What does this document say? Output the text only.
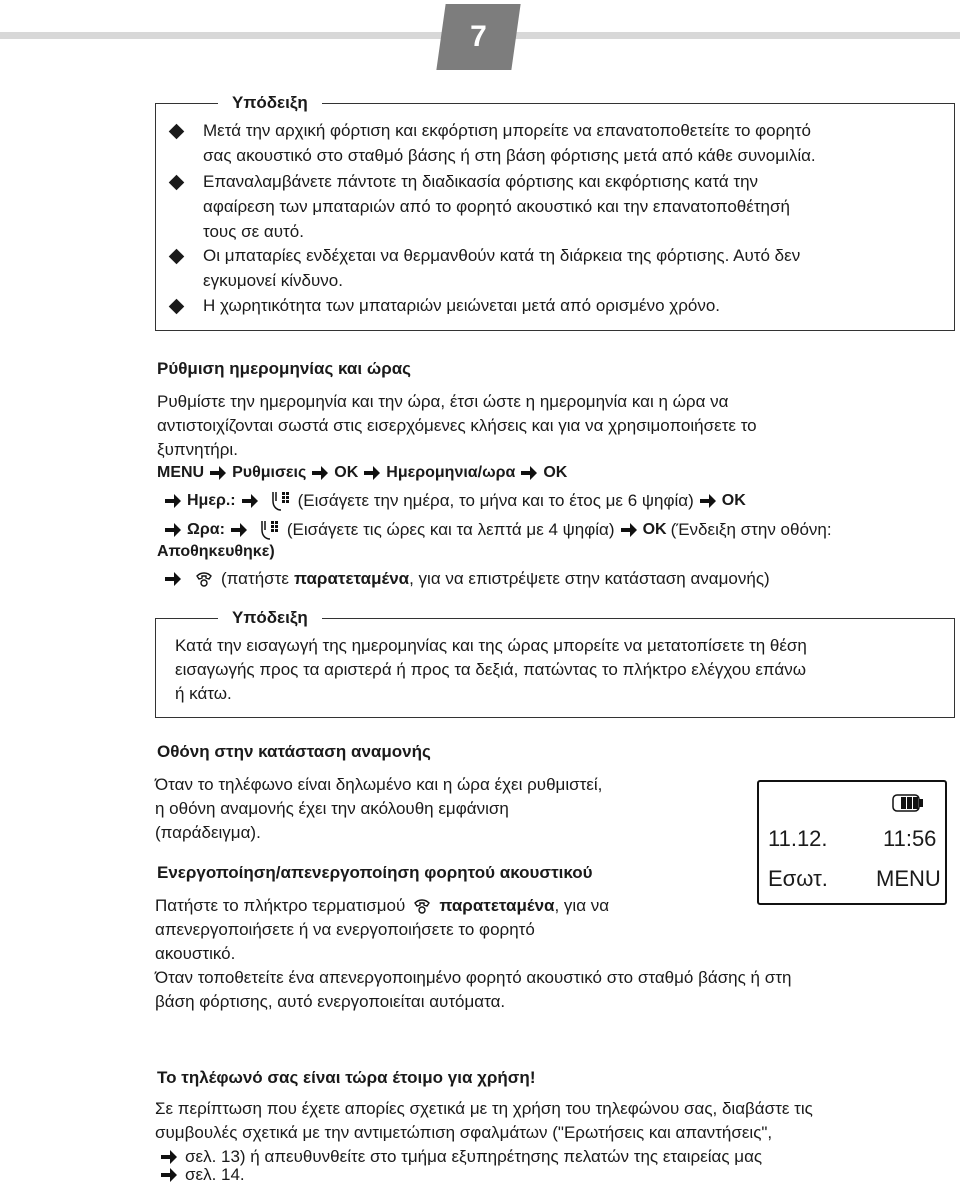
7
Υπόδειξη
Μετά την αρχική φόρτιση και εκφόρτιση μπορείτε να επανατοποθετείτε το φορητό
σας ακουστικό στο σταθμό βάσης ή στη βάση φόρτισης μετά από κάθε συνομιλία.
Επαναλαμβάνετε πάντοτε τη διαδικασία φόρτισης και εκφόρτισης κατά την
αφαίρεση των μπαταριών από το φορητό ακουστικό και την επανατοποθέτησή
τους σε αυτό.
Οι μπαταρίες ενδέχεται να θερμανθούν κατά τη διάρκεια της φόρτισης. Αυτό δεν
εγκυμονεί κίνδυνο.
Η χωρητικότητα των μπαταριών μειώνεται μετά από ορισμένο χρόνο.
Ρύθμιση ημερομηνίας και ώρας
Ρυθμίστε την ημερομηνία και την ώρα, έτσι ώστε η ημερομηνία και η ώρα να
αντιστοιχίζονται σωστά στις εισερχόμενες κλήσεις και για να χρησιμοποιήσετε το
ξυπνητήρι.
MENU Ρυθμισεις OK Ημερομηνια/ωρα OK
Ημερ.:	(Εισάγετε την ημέρα, το μήνα και το έτος με 6 ψηφία) OK
Ωρα:	(Εισάγετε τις ώρες και τα λεπτά με 4 ψηφία) OK (Ένδειξη στην οθόνη:
Αποθηκευθηκε)
(πατήστε παρατεταμένα , για να επιστρέψετε στην κατάσταση αναμονής)
Υπόδειξη
Κατά την εισαγωγή της ημερομηνίας και της ώρας μπορείτε να μετατοπίσετε τη θέση
εισαγωγής προς τα αριστερά ή προς τα δεξιά, πατώντας το πλήκτρο ελέγχου επάνω
ή κάτω.
Οθόνη στην κατάσταση αναμονής
Όταν το τηλέφωνο είναι δηλωμένο και η ώρα έχει ρυθμιστεί,
η οθόνη αναμονής έχει την ακόλουθη εμφάνιση
(παράδειγμα).	11.12.	11:56
Εσωτ. MENU
Ενεργοποίηση/απενεργοποίηση φορητού ακουστικού
Πατήστε το πλήκτρο τερματισμού παρατεταμένα , για να
απενεργοποιήσετε ή να ενεργοποιήσετε το φορητό
ακουστικό.
Όταν τοποθετείτε ένα απενεργοποιημένο φορητό ακουστικό στο σταθμό βάσης ή στη
βάση φόρτισης, αυτό ενεργοποιείται αυτόματα.
Το τηλέφωνό σας είναι τώρα έτοιμο για χρήση!
Σε περίπτωση που έχετε απορίες σχετικά με τη χρήση του τηλεφώνου σας, διαβάστε τις
συμβουλές σχετικά με την αντιμετώπιση σφαλμάτων ("Ερωτήσεις και απαντήσεις",
σελ. 13) ή απευθυνθείτε στο τμήμα εξυπηρέτησης πελατών της εταιρείας μας
σελ. 14.
